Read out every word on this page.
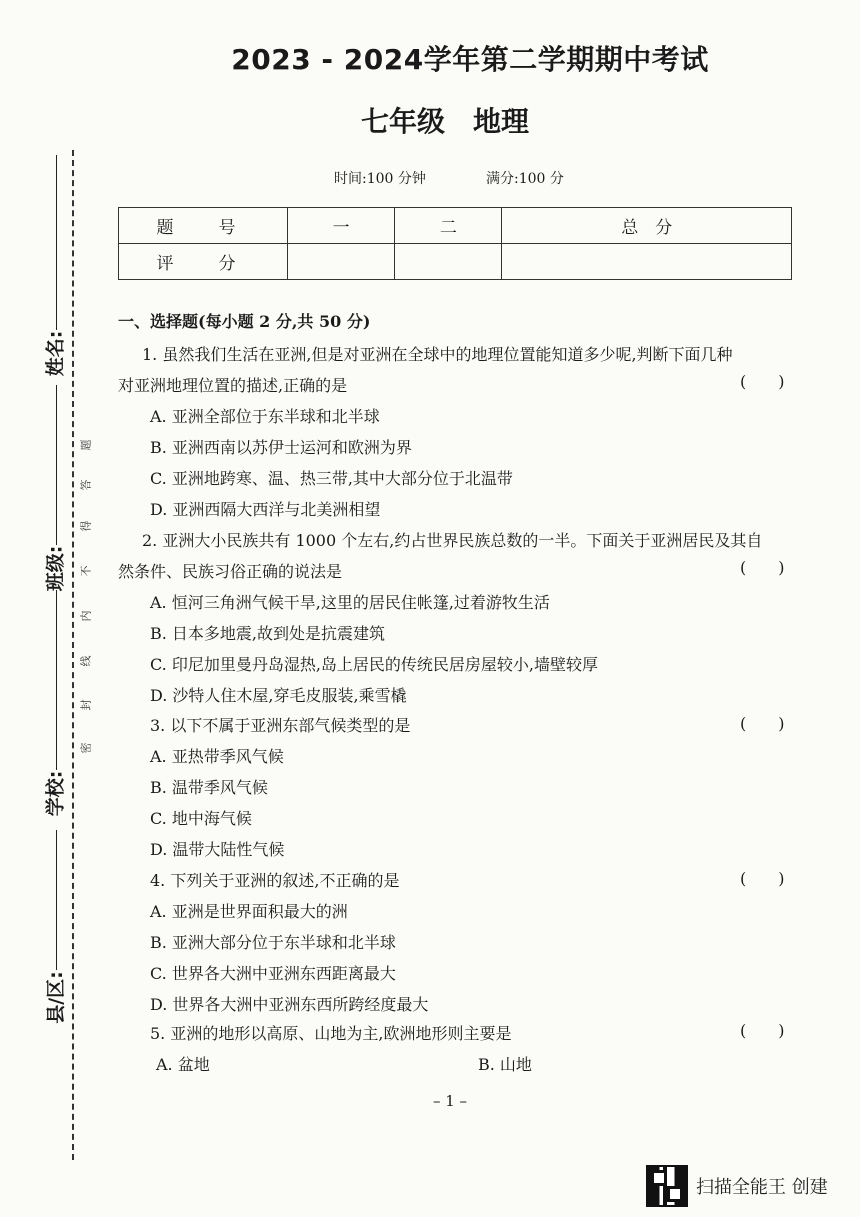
姓名:
班级:
学校:
县/区:
题
答
得
不
内
线
封
密
2023 - 2024学年第二学期期中考试
七年级　地理
时间:100 分钟	满分:100 分
题　号	一	二	总　分
评　分			
一、选择题(每小题 2 分,共 50 分)
1. 虽然我们生活在亚洲,但是对亚洲在全球中的地理位置能知道多少呢,判断下面几种
对亚洲地理位置的描述,正确的是	(　　)
A. 亚洲全部位于东半球和北半球
B. 亚洲西南以苏伊士运河和欧洲为界
C. 亚洲地跨寒、温、热三带,其中大部分位于北温带
D. 亚洲西隔大西洋与北美洲相望
2. 亚洲大小民族共有 1000 个左右,约占世界民族总数的一半。下面关于亚洲居民及其自
然条件、民族习俗正确的说法是	(　　)
A. 恒河三角洲气候干旱,这里的居民住帐篷,过着游牧生活
B. 日本多地震,故到处是抗震建筑
C. 印尼加里曼丹岛湿热,岛上居民的传统民居房屋较小,墙壁较厚
D. 沙特人住木屋,穿毛皮服装,乘雪橇
3. 以下不属于亚洲东部气候类型的是	(　　)
A. 亚热带季风气候
B. 温带季风气候
C. 地中海气候
D. 温带大陆性气候
4. 下列关于亚洲的叙述,不正确的是	(　　)
A. 亚洲是世界面积最大的洲
B. 亚洲大部分位于东半球和北半球
C. 世界各大洲中亚洲东西距离最大
D. 世界各大洲中亚洲东西所跨经度最大
5. 亚洲的地形以高原、山地为主,欧洲地形则主要是	(　　)
A. 盆地	B. 山地
– 1 –
扫描全能王 创建
